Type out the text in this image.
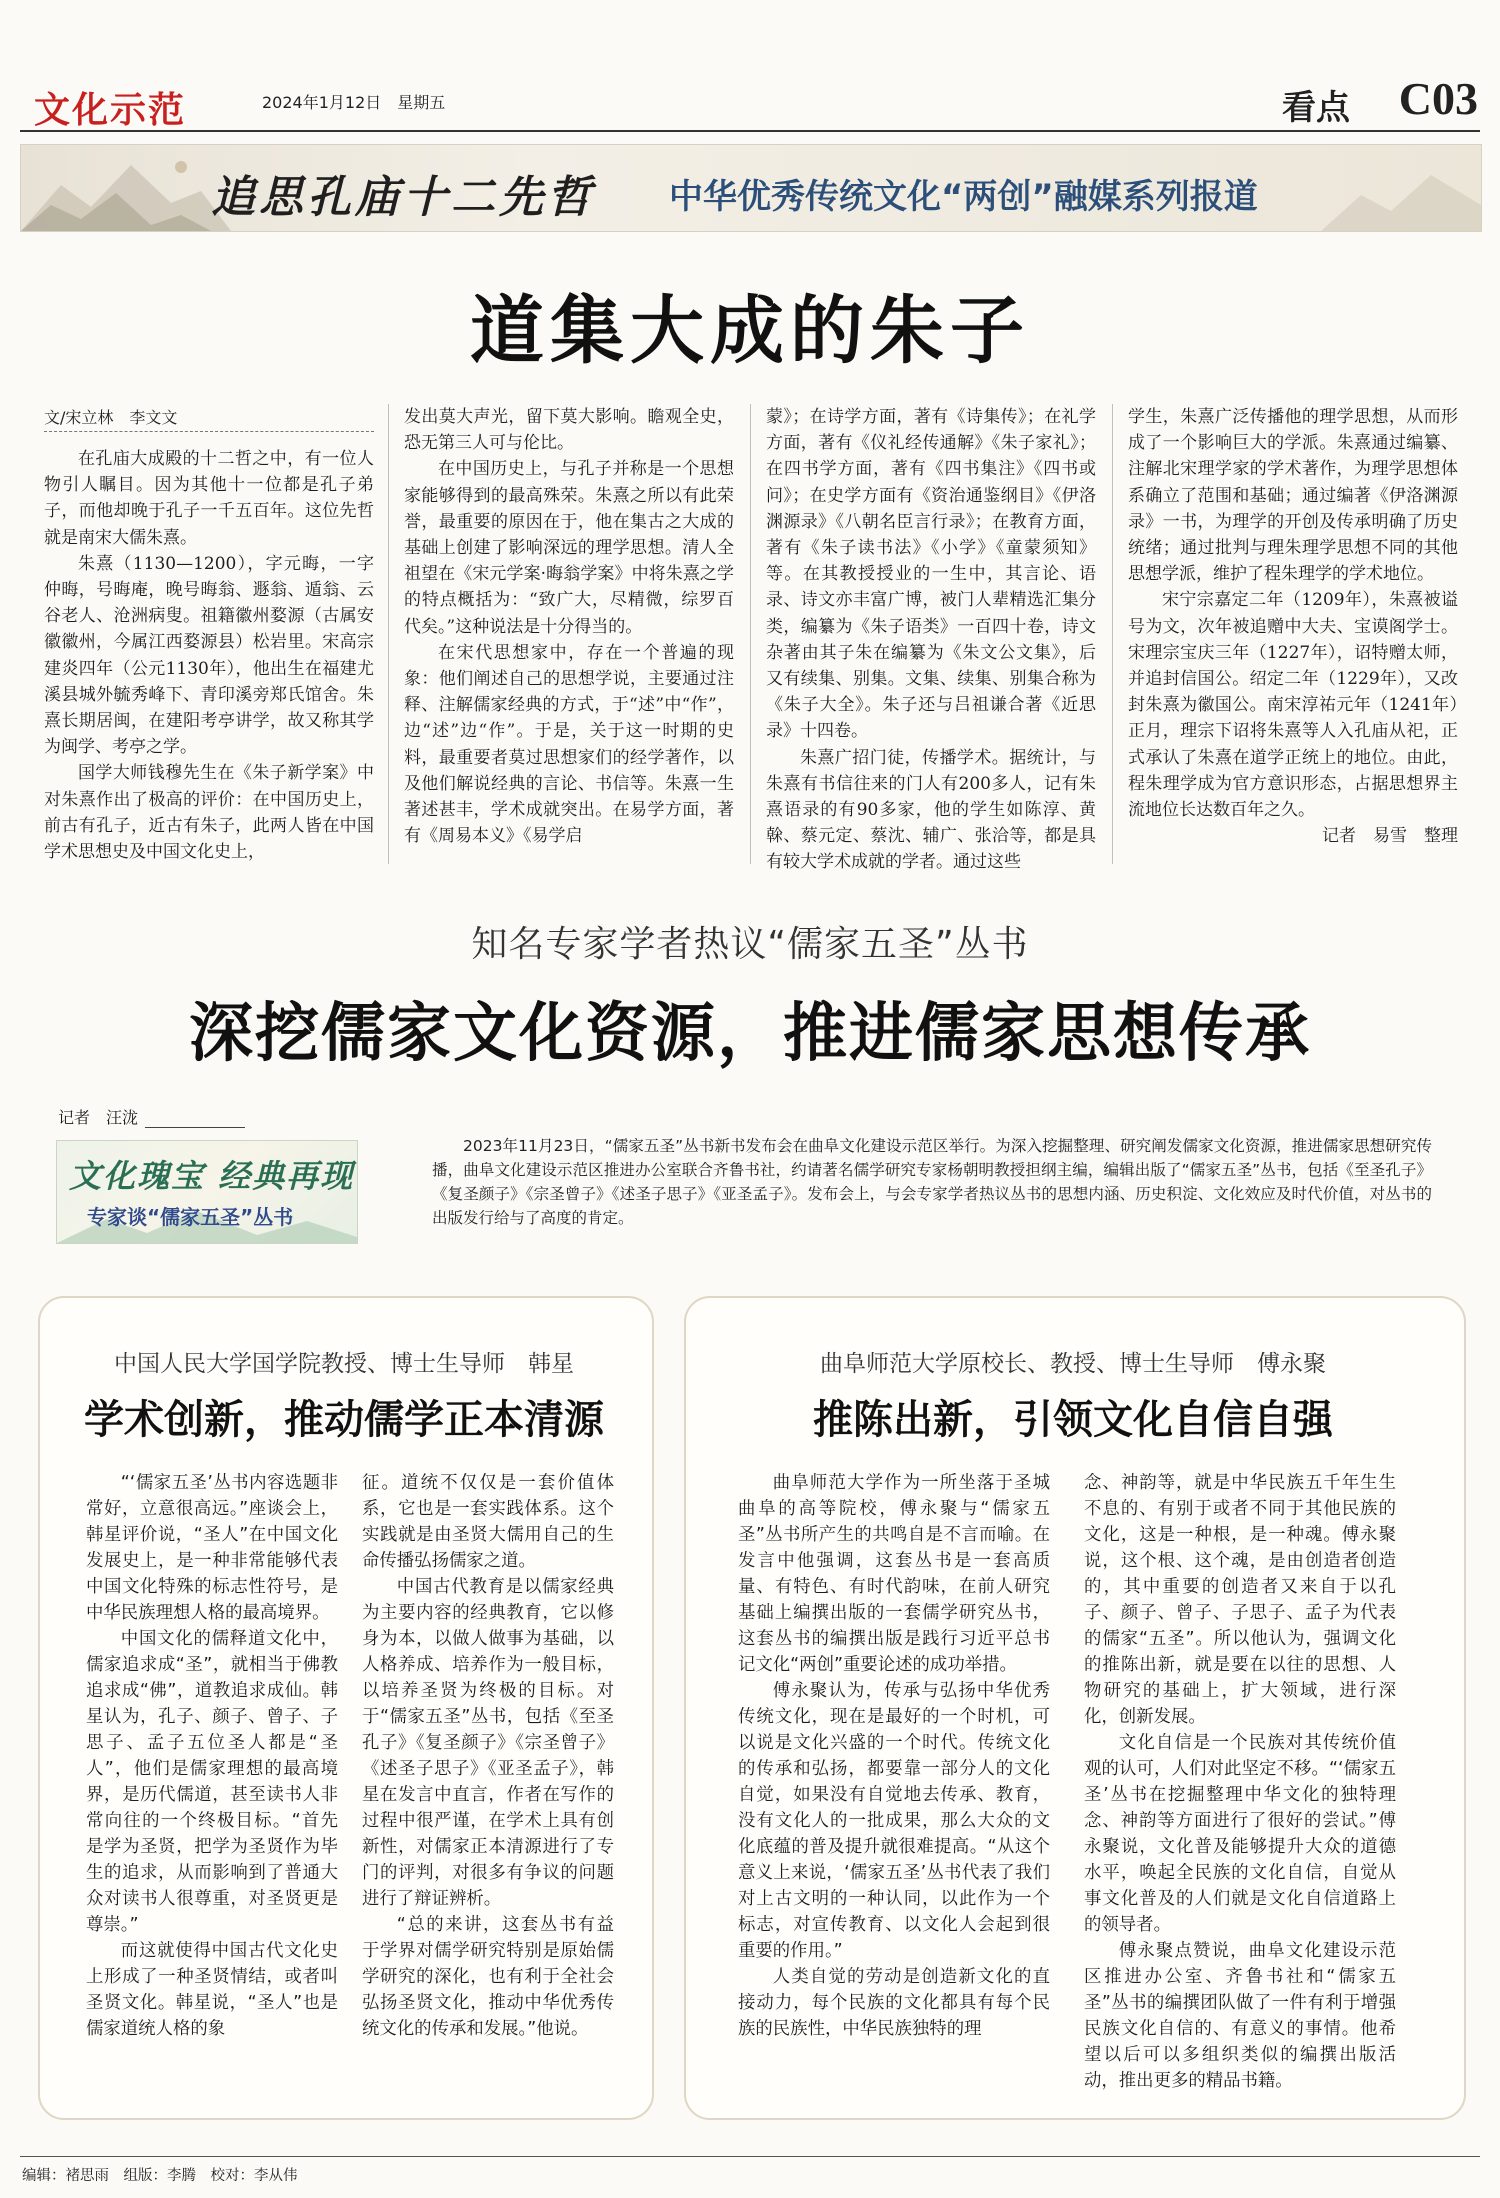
文化示范	2024年1月12日　星期五	看点 C03
追思孔庙十二先哲 中华优秀传统文化“两创”融媒系列报道
道集大成的朱子
文/宋立林　李文文

在孔庙大成殿的十二哲之中，有一位人物引人瞩目。因为其他十一位都是孔子弟子，而他却晚于孔子一千五百年。这位先哲就是南宋大儒朱熹。

朱熹（1130—1200），字元晦，一字仲晦，号晦庵，晚号晦翁、遯翁、遁翁、云谷老人、沧洲病叟。祖籍徽州婺源（古属安徽徽州，今属江西婺源县）松岩里。宋高宗建炎四年（公元1130年），他出生在福建尤溪县城外毓秀峰下、青印溪旁郑氏馆舍。朱熹长期居闽，在建阳考亭讲学，故又称其学为闽学、考亭之学。

国学大师钱穆先生在《朱子新学案》中对朱熹作出了极高的评价：在中国历史上，前古有孔子，近古有朱子，此两人皆在中国学术思想史及中国文化史上，

发出莫大声光，留下莫大影响。瞻观全史，恐无第三人可与伦比。

在中国历史上，与孔子并称是一个思想家能够得到的最高殊荣。朱熹之所以有此荣誉，最重要的原因在于，他在集古之大成的基础上创建了影响深远的理学思想。清人全祖望在《宋元学案·晦翁学案》中将朱熹之学的特点概括为：“致广大，尽精微，综罗百代矣。”这种说法是十分得当的。

在宋代思想家中，存在一个普遍的现象：他们阐述自己的思想学说，主要通过注释、注解儒家经典的方式，于“述”中“作”，边“述”边“作”。于是，关于这一时期的史料，最重要者莫过思想家们的经学著作，以及他们解说经典的言论、书信等。朱熹一生著述甚丰，学术成就突出。在易学方面，著有《周易本义》《易学启

蒙》；在诗学方面，著有《诗集传》；在礼学方面，著有《仪礼经传通解》《朱子家礼》；在四书学方面，著有《四书集注》《四书或问》；在史学方面有《资治通鉴纲目》《伊洛渊源录》《八朝名臣言行录》；在教育方面，著有《朱子读书法》《小学》《童蒙须知》等。在其教授授业的一生中，其言论、语录、诗文亦丰富广博，被门人辈精选汇集分类，编纂为《朱子语类》一百四十卷，诗文杂著由其子朱在编纂为《朱文公文集》，后又有续集、别集。文集、续集、别集合称为《朱子大全》。朱子还与吕祖谦合著《近思录》十四卷。

朱熹广招门徒，传播学术。据统计，与朱熹有书信往来的门人有200多人，记有朱熹语录的有90多家，他的学生如陈淳、黄榦、蔡元定、蔡沈、辅广、张洽等，都是具有较大学术成就的学者。通过这些

学生，朱熹广泛传播他的理学思想，从而形成了一个影响巨大的学派。朱熹通过编纂、注解北宋理学家的学术著作，为理学思想体系确立了范围和基础；通过编著《伊洛渊源录》一书，为理学的开创及传承明确了历史统绪；通过批判与理朱理学思想不同的其他思想学派，维护了程朱理学的学术地位。

宋宁宗嘉定二年（1209年），朱熹被谥号为文，次年被追赠中大夫、宝谟阁学士。宋理宗宝庆三年（1227年），诏特赠太师，并追封信国公。绍定二年（1229年），又改封朱熹为徽国公。南宋淳祐元年（1241年）正月，理宗下诏将朱熹等人入孔庙从祀，正式承认了朱熹在道学正统上的地位。由此，程朱理学成为官方意识形态，占据思想界主流地位长达数百年之久。

记者　易雪　整理

知名专家学者热议“儒家五圣”丛书
深挖儒家文化资源，推进儒家思想传承
记者　汪泷
文化瑰宝 经典再现
专家谈“儒家五圣”丛书

2023年11月23日，“儒家五圣”丛书新书发布会在曲阜文化建设示范区举行。为深入挖掘整理、研究阐发儒家文化资源，推进儒家思想研究传播，曲阜文化建设示范区推进办公室联合齐鲁书社，约请著名儒学研究专家杨朝明教授担纲主编，编辑出版了“儒家五圣”丛书，包括《至圣孔子》《复圣颜子》《宗圣曾子》《述圣子思子》《亚圣孟子》。发布会上，与会专家学者热议丛书的思想内涵、历史积淀、文化效应及时代价值，对丛书的出版发行给与了高度的肯定。

中国人民大学国学院教授、博士生导师　韩星
学术创新，推动儒学正本清源

“‘儒家五圣’丛书内容选题非常好，立意很高远。”座谈会上，韩星评价说，“圣人”在中国文化发展史上，是一种非常能够代表中国文化特殊的标志性符号，是中华民族理想人格的最高境界。

中国文化的儒释道文化中，儒家追求成“圣”，就相当于佛教追求成“佛”，道教追求成仙。韩星认为，孔子、颜子、曾子、子思子、孟子五位圣人都是“圣人”，他们是儒家理想的最高境界，是历代儒道，甚至读书人非常向往的一个终极目标。“首先是学为圣贤，把学为圣贤作为毕生的追求，从而影响到了普通大众对读书人很尊重，对圣贤更是尊崇。”

而这就使得中国古代文化史上形成了一种圣贤情结，或者叫圣贤文化。韩星说，“圣人”也是儒家道统人格的象

征。道统不仅仅是一套价值体系，它也是一套实践体系。这个实践就是由圣贤大儒用自己的生命传播弘扬儒家之道。

中国古代教育是以儒家经典为主要内容的经典教育，它以修身为本，以做人做事为基础，以人格养成、培养作为一般目标，以培养圣贤为终极的目标。对于“儒家五圣”丛书，包括《至圣孔子》《复圣颜子》《宗圣曾子》《述圣子思子》《亚圣孟子》，韩星在发言中直言，作者在写作的过程中很严谨，在学术上具有创新性，对儒家正本清源进行了专门的评判，对很多有争议的问题进行了辩证辨析。

“总的来讲，这套丛书有益于学界对儒学研究特别是原始儒学研究的深化，也有利于全社会弘扬圣贤文化，推动中华优秀传统文化的传承和发展。”他说。

曲阜师范大学原校长、教授、博士生导师　傅永聚
推陈出新，引领文化自信自强

曲阜师范大学作为一所坐落于圣城曲阜的高等院校，傅永聚与“儒家五圣”丛书所产生的共鸣自是不言而喻。在发言中他强调，这套丛书是一套高质量、有特色、有时代韵味，在前人研究基础上编撰出版的一套儒学研究丛书，这套丛书的编撰出版是践行习近平总书记文化“两创”重要论述的成功举措。

傅永聚认为，传承与弘扬中华优秀传统文化，现在是最好的一个时机，可以说是文化兴盛的一个时代。传统文化的传承和弘扬，都要靠一部分人的文化自觉，如果没有自觉地去传承、教育，没有文化人的一批成果，那么大众的文化底蕴的普及提升就很难提高。“从这个意义上来说，‘儒家五圣’丛书代表了我们对上古文明的一种认同，以此作为一个标志，对宣传教育、以文化人会起到很重要的作用。”

人类自觉的劳动是创造新文化的直接动力，每个民族的文化都具有每个民族的民族性，中华民族独特的理

念、神韵等，就是中华民族五千年生生不息的、有别于或者不同于其他民族的文化，这是一种根，是一种魂。傅永聚说，这个根、这个魂，是由创造者创造的，其中重要的创造者又来自于以孔子、颜子、曾子、子思子、孟子为代表的儒家“五圣”。所以他认为，强调文化的推陈出新，就是要在以往的思想、人物研究的基础上，扩大领域，进行深化，创新发展。

文化自信是一个民族对其传统价值观的认可，人们对此坚定不移。“‘儒家五圣’丛书在挖掘整理中华文化的独特理念、神韵等方面进行了很好的尝试。”傅永聚说，文化普及能够提升大众的道德水平，唤起全民族的文化自信，自觉从事文化普及的人们就是文化自信道路上的领导者。

傅永聚点赞说，曲阜文化建设示范区推进办公室、齐鲁书社和“儒家五圣”丛书的编撰团队做了一件有利于增强民族文化自信的、有意义的事情。他希望以后可以多组织类似的编撰出版活动，推出更多的精品书籍。

编辑：褚思雨　组版：李腾　校对：李从伟
